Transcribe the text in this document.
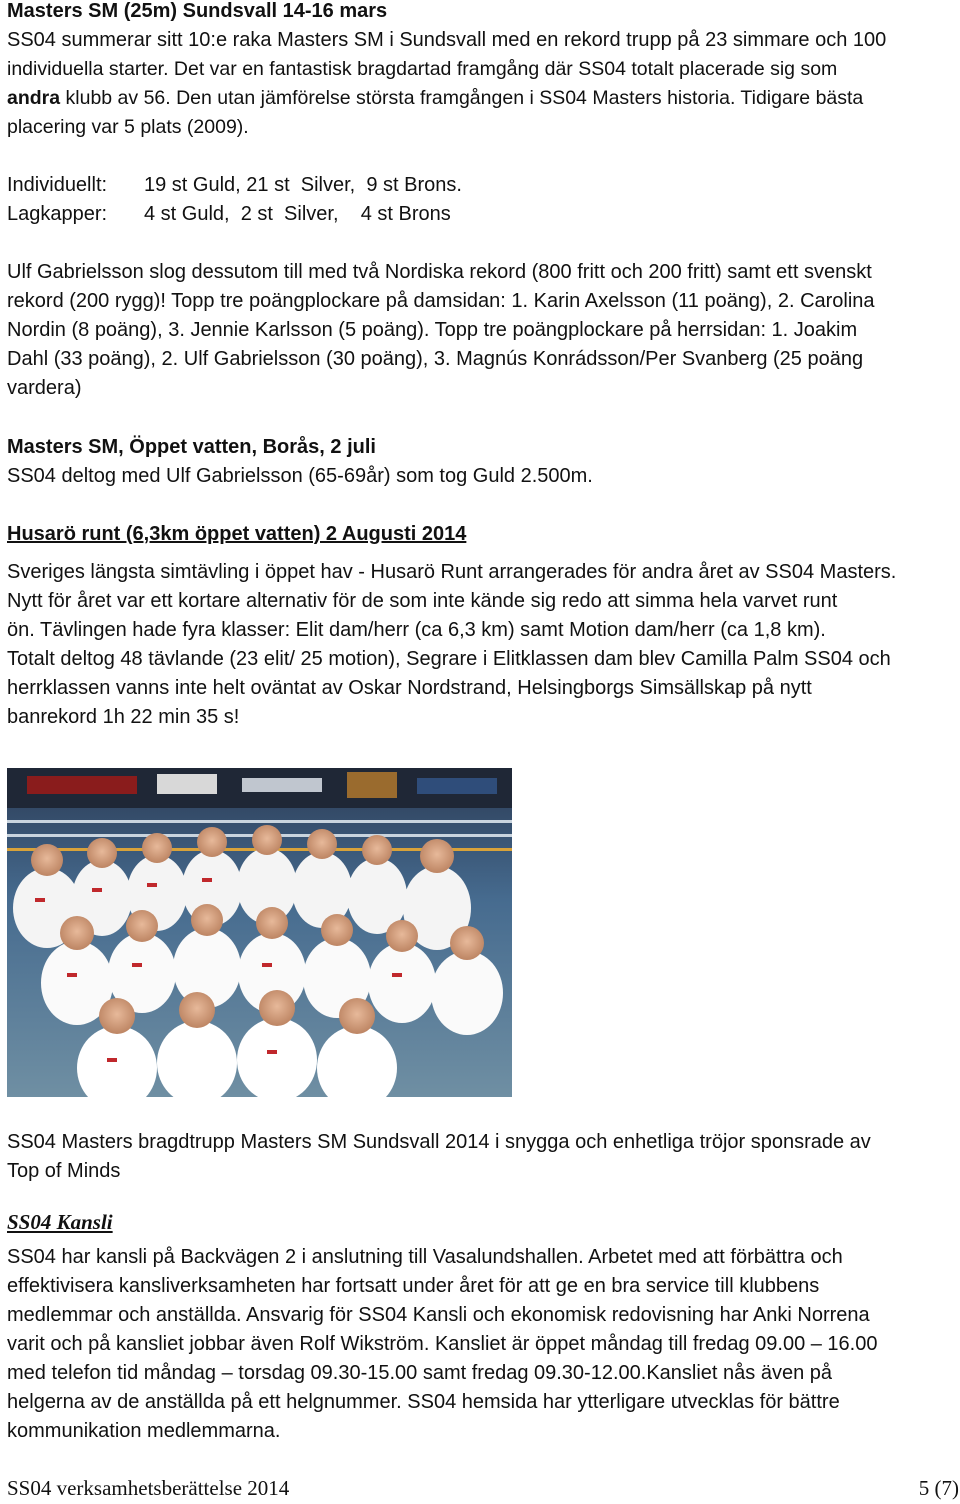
Masters SM (25m) Sundsvall 14-16 mars
SS04 summerar sitt 10:e raka Masters SM i Sundsvall med en rekord trupp på 23 simmare och 100
individuella starter. Det var en fantastisk bragdartad framgång där SS04 totalt placerade sig som
andra klubb av 56. Den utan jämförelse största framgången i SS04 Masters historia. Tidigare bästa
placering var 5 plats (2009).
Individuellt: 19 st Guld, 21 st  Silver,  9 st Brons.
Lagkapper: 4 st Guld,  2 st  Silver,    4 st Brons
Ulf Gabrielsson slog dessutom till med två Nordiska rekord (800 fritt och 200 fritt) samt ett svenskt
rekord (200 rygg)! Topp tre poängplockare på damsidan: 1. Karin Axelsson (11 poäng), 2. Carolina
Nordin (8 poäng), 3. Jennie Karlsson (5 poäng). Topp tre poängplockare på herrsidan: 1. Joakim
Dahl (33 poäng), 2. Ulf Gabrielsson (30 poäng), 3. Magnús Konrádsson/Per Svanberg (25 poäng
vardera)
Masters SM, Öppet vatten, Borås, 2 juli
SS04 deltog med Ulf Gabrielsson (65-69år) som tog Guld 2.500m.
Husarö runt (6,3km öppet vatten) 2 Augusti 2014
Sveriges längsta simtävling i öppet hav - Husarö Runt arrangerades för andra året av SS04 Masters.
Nytt för året var ett kortare alternativ för de som inte kände sig redo att simma hela varvet runt
ön. Tävlingen hade fyra klasser: Elit dam/herr (ca 6,3 km) samt Motion dam/herr (ca 1,8 km).
Totalt deltog 48 tävlande (23 elit/ 25 motion), Segrare i Elitklassen dam blev Camilla Palm SS04 och
herrklassen vanns inte helt oväntat av Oskar Nordstrand, Helsingborgs Simsällskap på nytt
banrekord 1h 22 min 35 s!
SS04 Masters bragdtrupp Masters SM Sundsvall 2014 i snygga och enhetliga tröjor sponsrade av
Top of Minds
SS04 Kansli
SS04 har kansli på Backvägen 2 i anslutning till Vasalundshallen. Arbetet med att förbättra och
effektivisera kansliverksamheten har fortsatt under året för att ge en bra service till klubbens
medlemmar och anställda. Ansvarig för SS04 Kansli och ekonomisk redovisning har Anki Norrena
varit och på kansliet jobbar även Rolf Wikström. Kansliet är öppet måndag till fredag 09.00 – 16.00
med telefon tid måndag – torsdag 09.30-15.00 samt fredag 09.30-12.00.Kansliet nås även på
helgerna av de anställda på ett helgnummer. SS04 hemsida har ytterligare utvecklas för bättre
kommunikation medlemmarna.
SS04 verksamhetsberättelse 2014	5 (7)
